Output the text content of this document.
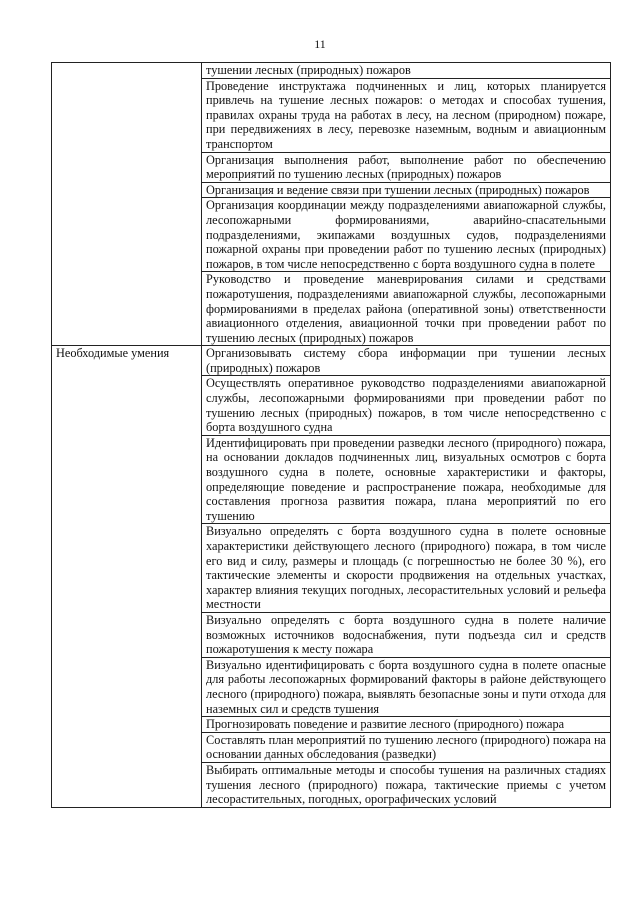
11
	тушении лесных (природных) пожаров
	Проведение инструктажа подчиненных и лиц, которых планируется привлечь на тушение лесных пожаров: о методах и способах тушения, правилах охраны труда на работах в лесу, на лесном (природном) пожаре, при передвижениях в лесу, перевозке наземным, водным и авиационным транспортом
	Организация выполнения работ, выполнение работ по обеспечению мероприятий по тушению лесных (природных) пожаров
	Организация и ведение связи при тушении лесных (природных) пожаров
	Организация координации между подразделениями авиапожарной службы, лесопожарными формированиями, аварийно-спасательными подразделениями, экипажами воздушных судов, подразделениями пожарной охраны при проведении работ по тушению лесных (природных) пожаров, в том числе непосредственно с борта воздушного судна в полете
	Руководство и проведение маневрирования силами и средствами пожаротушения, подразделениями авиапожарной службы, лесопожарными формированиями в пределах района (оперативной зоны) ответственности авиационного отделения, авиационной точки при проведении работ по тушению лесных (природных) пожаров
Необходимые умения	Организовывать систему сбора информации при тушении лесных (природных) пожаров
	Осуществлять оперативное руководство подразделениями авиапожарной службы, лесопожарными формированиями при проведении работ по тушению лесных (природных) пожаров, в том числе непосредственно с борта воздушного судна
	Идентифицировать при проведении разведки лесного (природного) пожара, на основании докладов подчиненных лиц, визуальных осмотров с борта воздушного судна в полете, основные характеристики и факторы, определяющие поведение и распространение пожара, необходимые для составления прогноза развития пожара, плана мероприятий по его тушению
	Визуально определять с борта воздушного судна в полете основные характеристики действующего лесного (природного) пожара, в том числе его вид и силу, размеры и площадь (с погрешностью не более 30 %), его тактические элементы и скорости продвижения на отдельных участках, характер влияния текущих погодных, лесорастительных условий и рельефа местности
	Визуально определять с борта воздушного судна в полете наличие возможных источников водоснабжения, пути подъезда сил и средств пожаротушения к месту пожара
	Визуально идентифицировать с борта воздушного судна в полете опасные для работы лесопожарных формирований факторы в районе действующего лесного (природного) пожара, выявлять безопасные зоны и пути отхода для наземных сил и средств тушения
	Прогнозировать поведение и развитие лесного (природного) пожара
	Составлять план мероприятий по тушению лесного (природного) пожара на основании данных обследования (разведки)
	Выбирать оптимальные методы и способы тушения на различных стадиях тушения лесного (природного) пожара, тактические приемы с учетом лесорастительных, погодных, орографических условий
